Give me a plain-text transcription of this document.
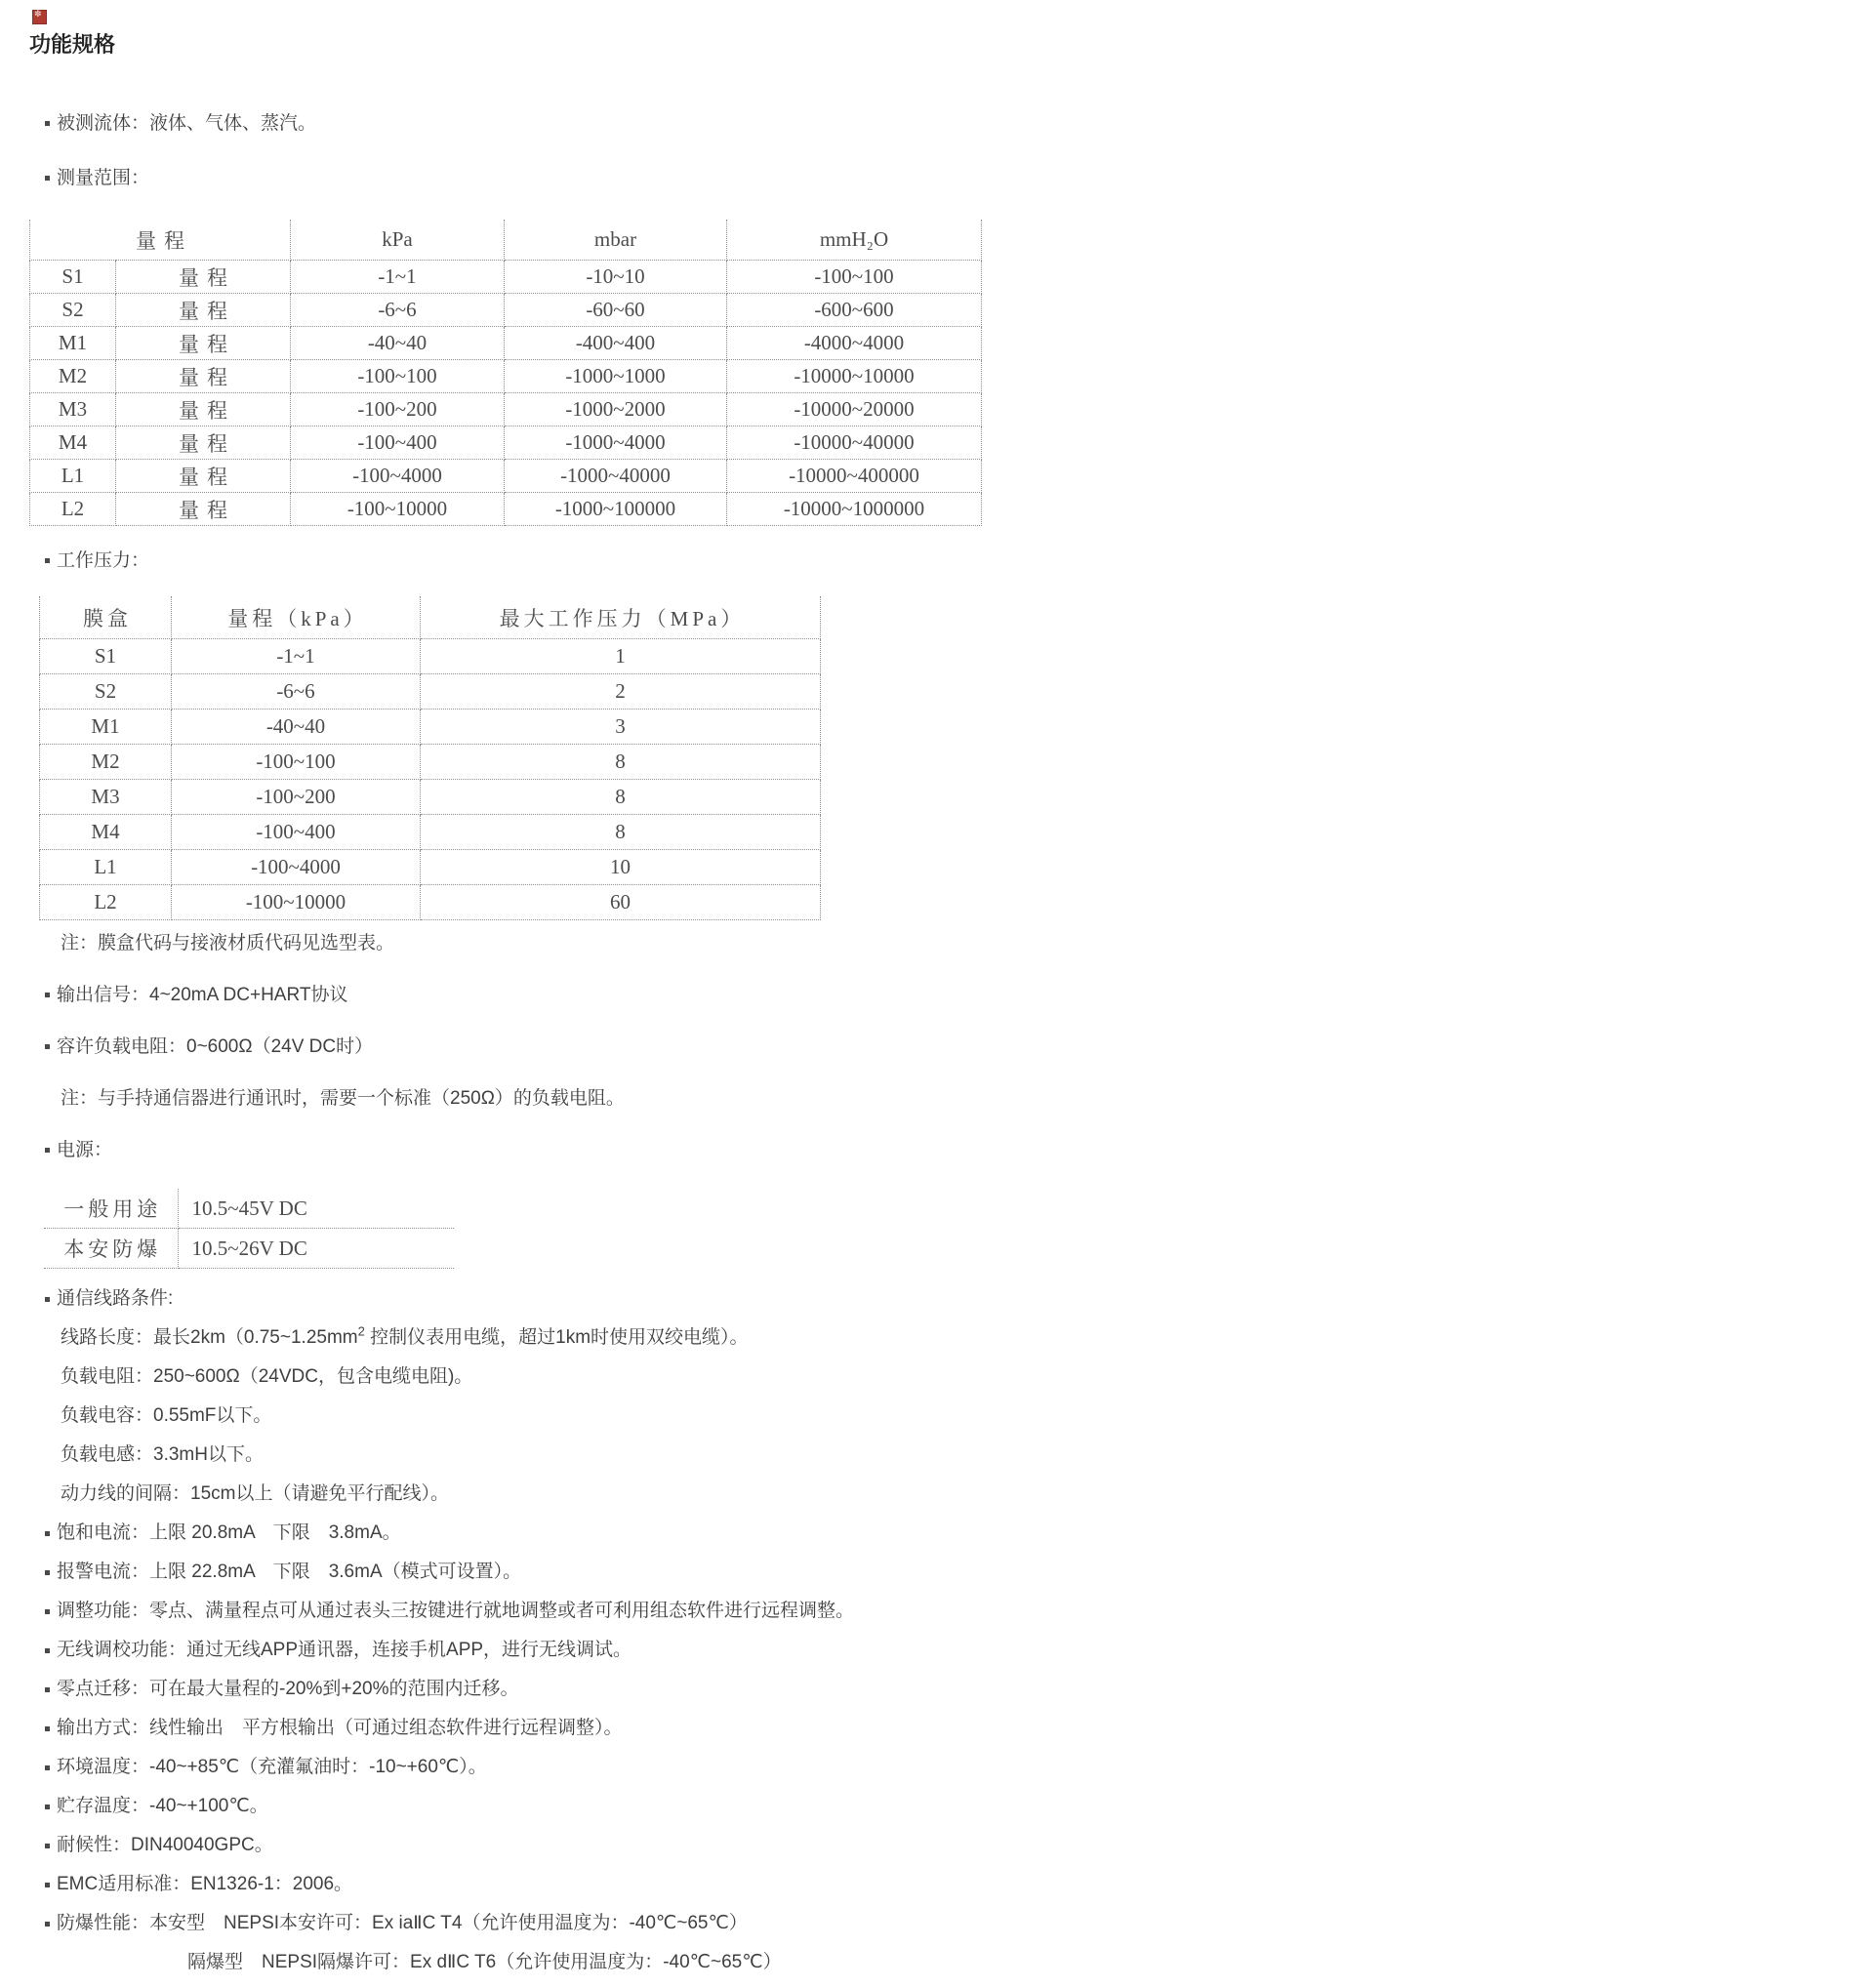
✽
功能规格
被测流体：液体、气体、蒸汽。
测量范围：
量程		kPa	mbar	mmH₂O
S1	量程	-1~1	-10~10	-100~100
S2	量程	-6~6	-60~60	-600~600
M1	量程	-40~40	-400~400	-4000~4000
M2	量程	-100~100	-1000~1000	-10000~10000
M3	量程	-100~200	-1000~2000	-10000~20000
M4	量程	-100~400	-1000~4000	-10000~40000
L1	量程	-100~4000	-1000~40000	-10000~400000
L2	量程	-100~10000	-1000~100000	-10000~1000000
工作压力：
膜盒	量程（kPa）	最大工作压力（MPa）
S1	-1~1	1
S2	-6~6	2
M1	-40~40	3
M2	-100~100	8
M3	-100~200	8
M4	-100~400	8
L1	-100~4000	10
L2	-100~10000	60
注：膜盒代码与接液材质代码见选型表。
输出信号：4~20mA DC+HART协议
容许负载电阻：0~600Ω（24V DC时）
注：与手持通信器进行通讯时，需要一个标准（250Ω）的负载电阻。
电源：
一般用途	10.5~45V DC
本安防爆	10.5~26V DC
通信线路条件:
线路长度：最长$2km(0.75\sim 1.25mm^2$ 控制仪表用电缆，超过1km时使用双绞电缆）。
负载电阻：250~600Ω（24VDC，包含电缆电阻)。
负载电容：0.55mF以下。
负载电感：3.3mH以下。
动力线的间隔：15cm以上（请避免平行配线）。
饱和电流：上限 20.8mA　下限　3.8mA。
报警电流：上限 22.8mA　下限　3.6mA（模式可设置）。
调整功能：零点、满量程点可从通过表头三按键进行就地调整或者可利用组态软件进行远程调整。
无线调校功能：通过无线APP通讯器，连接手机APP，进行无线调试。
零点迁移：可在最大量程的-20%到+20%的范围内迁移。
输出方式：线性输出　平方根输出（可通过组态软件进行远程调整）。
环境温度：-40~+85℃（充灌氟油时：-10~+60℃）。
贮存温度：-40~+100℃。
耐候性：DIN40040GPC。
EMC适用标准：EN1326-1：2006。
防爆性能：本安型　NEPSI本安许可：Ex iaⅡC T4（允许使用温度为：-40℃~65℃）
隔爆型　NEPSI隔爆许可：Ex dⅡC T6（允许使用温度为：-40℃~65℃）
